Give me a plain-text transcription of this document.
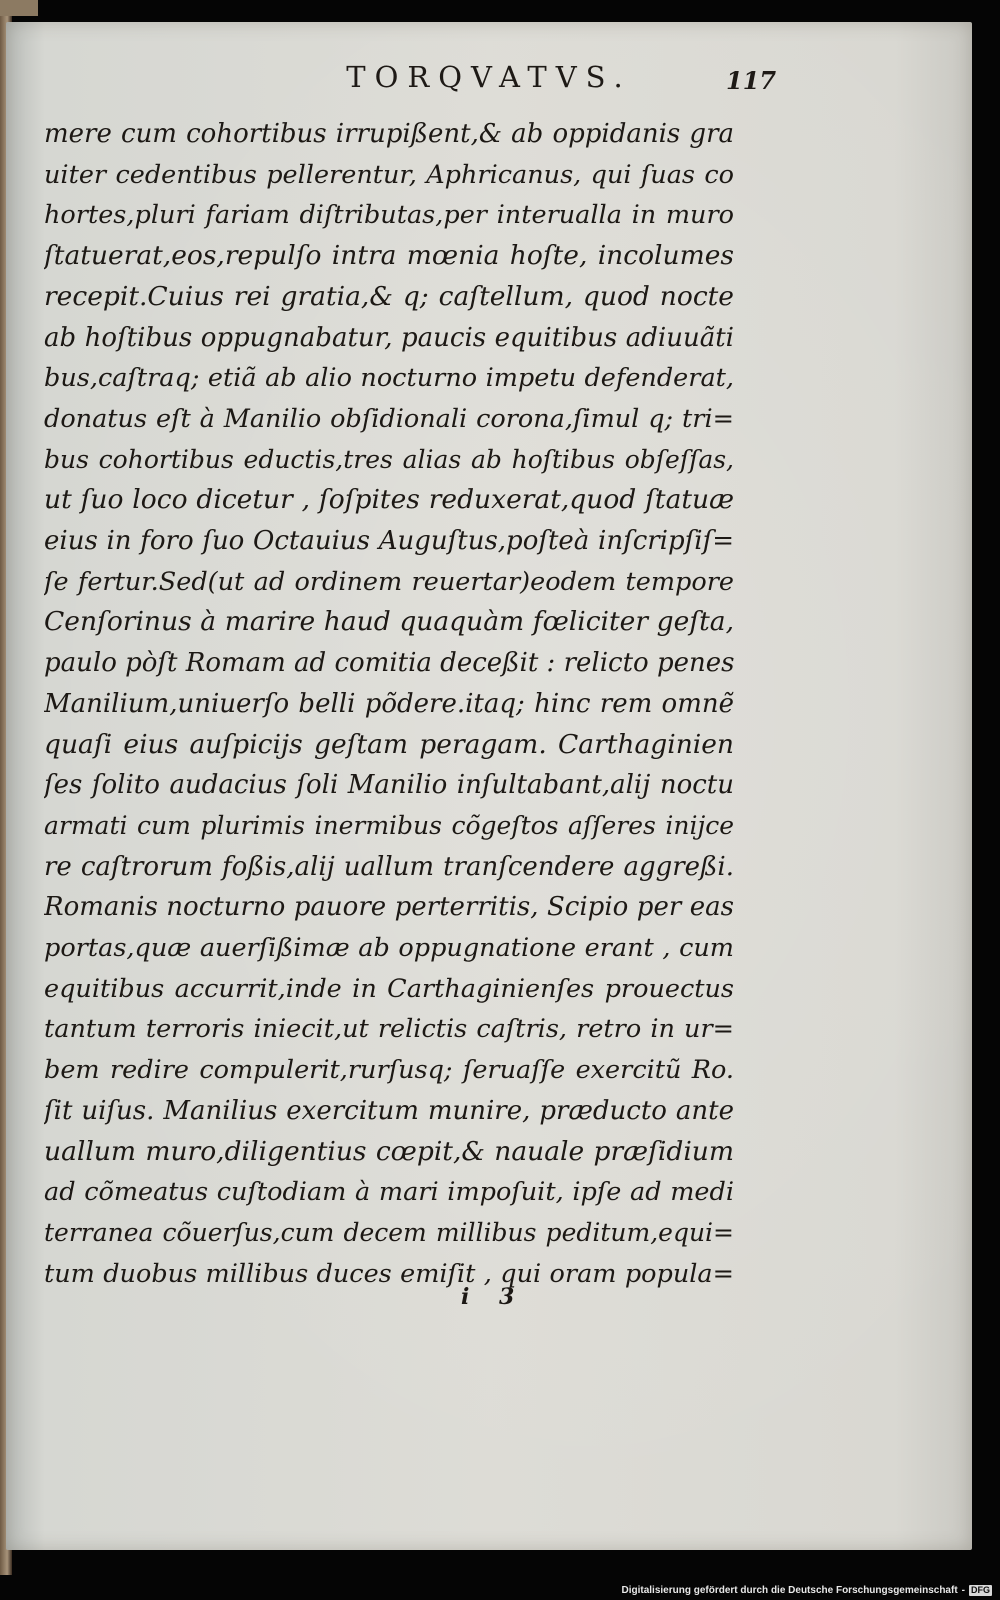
TORQVATVS.	117
mere cum cohortibus irrupißent,& ab oppidanis gra
uiter cedentibus pellerentur, Aphricanus, qui ſuas co
hortes,pluri fariam diſtributas,per interualla in muro
ſtatuerat,eos,repulſo intra mœnia hoſte, incolumes
recepit.Cuius rei gratia,& q; caſtellum, quod nocte
ab hoſtibus oppugnabatur, paucis equitibus adiuuãti
bus,caſtraq; etiã ab alio nocturno impetu defenderat,
donatus eſt à Manilio obſidionali corona,ſimul q; tri=
bus cohortibus eductis,tres alias ab hoſtibus obſeſſas,
ut ſuo loco dicetur , ſoſpites reduxerat,quod ſtatuæ
eius in foro ſuo Octauius Auguſtus,poſteà inſcripſiſ=
ſe fertur.Sed(ut ad ordinem reuertar)eodem tempore
Cenſorinus à marire haud quaquàm fœliciter geſta,
paulo pòſt Romam ad comitia deceßit : relicto penes
Manilium,uniuerſo belli põdere.itaq; hinc rem omnẽ
quaſi eius auſpicijs geſtam peragam. Carthaginien
ſes ſolito audacius ſoli Manilio inſultabant,alij noctu
armati cum plurimis inermibus cõgeſtos aſſeres inijce
re caſtrorum foßis,alij uallum tranſcendere aggreßi.
Romanis nocturno pauore perterritis, Scipio per eas
portas,quæ auerſißimæ ab oppugnatione erant , cum
equitibus accurrit,inde in Carthaginienſes prouectus
tantum terroris iniecit,ut relictis caſtris, retro in ur=
bem redire compulerit,rurſusq; ſeruaſſe exercitũ Ro.
ſit uiſus. Manilius exercitum munire, præducto ante
uallum muro,diligentius cœpit,& nauale præſidium
ad cõmeatus cuſtodiam à mari impoſuit, ipſe ad medi
terranea cõuerſus,cum decem millibus peditum,equi=
tum duobus millibus duces emiſit , qui oram popula=
i 3
Digitalisierung gefördert durch die Deutsche Forschungsgemeinschaft - DFG
